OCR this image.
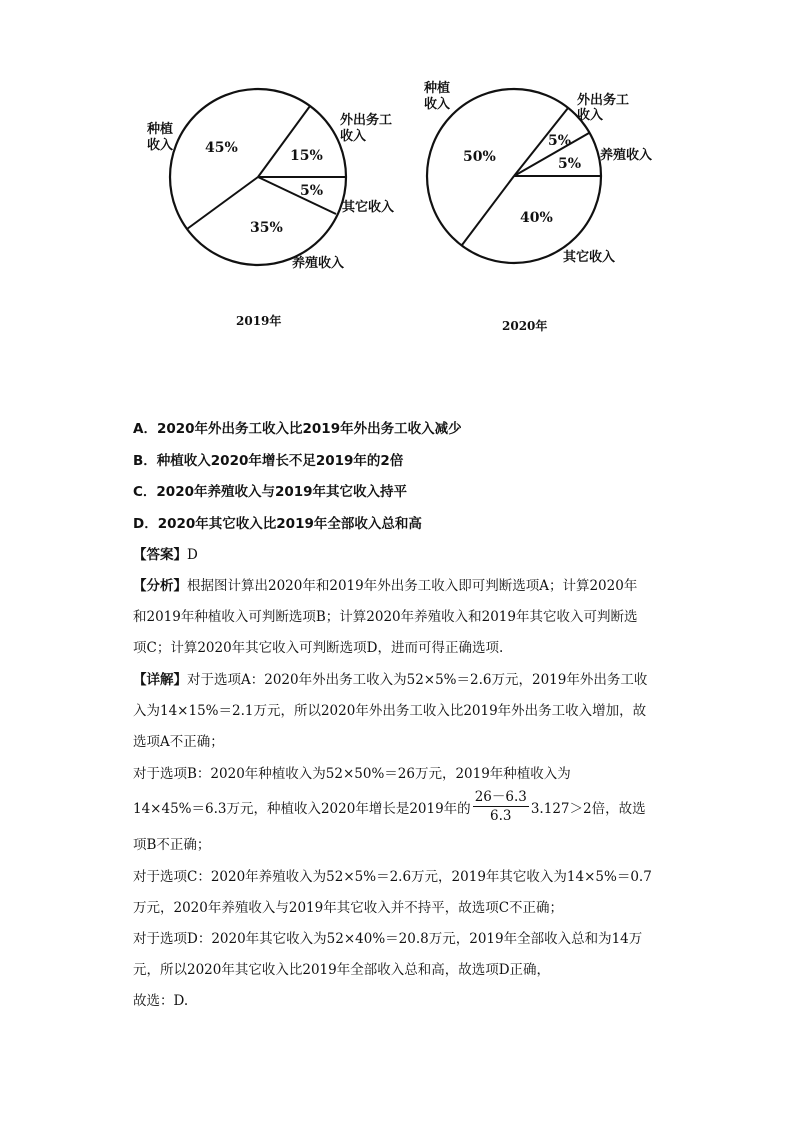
45%	15%
5%
35%
种植
收入
外出务工
收入
其它收入
养殖收入
2019年
50%
5%
5%
40%
种植
收入	外出务工
收入
养殖收入
其它收入
2020年
A．2020年外出务工收入比2019年外出务工收入减少
B．种植收入2020年增长不足2019年的2倍
C．2020年养殖收入与2019年其它收入持平
D．2020年其它收入比2019年全部收入总和高
【答案】D
【分析】根据图计算出2020年和2019年外出务工收入即可判断选项A；计算2020年
和2019年种植收入可判断选项B；计算2020年养殖收入和2019年其它收入可判断选
项C；计算2020年其它收入可判断选项D，进而可得正确选项.
【详解】对于选项A：2020年外出务工收入为52×5%＝2.6万元，2019年外出务工收
入为14×15%＝2.1万元，所以2020年外出务工收入比2019年外出务工收入增加，故
选项A不正确；
对于选项B：2020年种植收入为52×50%＝26万元，2019年种植收入为
14×45%＝6.3万元，种植收入2020年增长是2019年的 $\frac{26-6.3}{6.3} 3.127>2$倍，故选
项B不正确；
对于选项C：2020年养殖收入为52×5%＝2.6万元，2019年其它收入为14×5%＝0.7
万元，2020年养殖收入与2019年其它收入并不持平，故选项C不正确；
对于选项D：2020年其它收入为52×40%＝20.8万元，2019年全部收入总和为14万
元，所以2020年其它收入比2019年全部收入总和高，故选项D正确，
故选：D.
